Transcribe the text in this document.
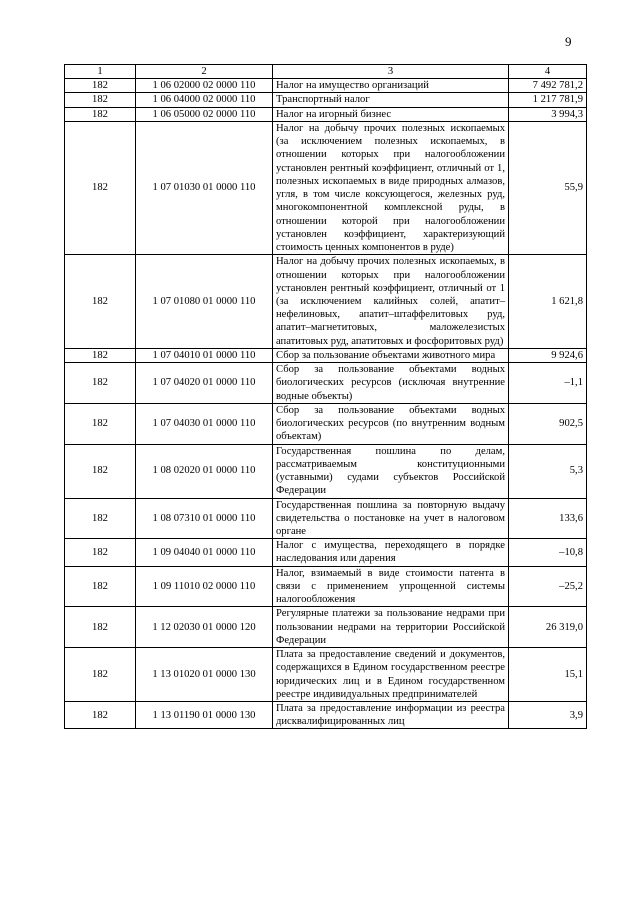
9
1	2	3	4
182	1 06 02000 02 0000 110	Налог на имущество организаций	7 492 781,2
182	1 06 04000 02 0000 110	Транспортный налог	1 217 781,9
182	1 06 05000 02 0000 110	Налог на игорный бизнес	3 994,3
182	1 07 01030 01 0000 110	Налог на добычу прочих полезных ископаемых (за исключением полезных ископаемых, в отношении которых при налогообложении установлен рентный коэффициент, отличный от 1, полезных ископаемых в виде природных алмазов, угля, в том числе коксующегося, железных руд, многокомпонентной комплексной руды, в отношении которой при налогообложении установлен коэффициент, характеризующий стоимость ценных компонентов в руде)	55,9
182	1 07 01080 01 0000 110	Налог на добычу прочих полезных ископаемых, в отношении которых при налогообложении установлен рентный коэффициент, отличный от 1 (за исключением калийных солей, апатит–нефелиновых, апатит–штаффелитовых руд, апатит–магнетитовых, маложелезистых апатитовых руд, апатитовых и фосфоритовых руд)	1 621,8
182	1 07 04010 01 0000 110	Сбор за пользование объектами животного мира	9 924,6
182	1 07 04020 01 0000 110	Сбор за пользование объектами водных биологических ресурсов (исключая внутренние водные объекты)	–1,1
182	1 07 04030 01 0000 110	Сбор за пользование объектами водных биологических ресурсов (по внутренним водным объектам)	902,5
182	1 08 02020 01 0000 110	Государственная пошлина по делам, рассматриваемым конституционными (уставными) судами субъектов Российской Федерации	5,3
182	1 08 07310 01 0000 110	Государственная пошлина за повторную выдачу свидетельства о постановке на учет в налоговом органе	133,6
182	1 09 04040 01 0000 110	Налог с имущества, переходящего в порядке наследования или дарения	–10,8
182	1 09 11010 02 0000 110	Налог, взимаемый в виде стоимости патента в связи с применением упрощенной системы налогообложения	–25,2
182	1 12 02030 01 0000 120	Регулярные платежи за пользование недрами при пользовании недрами на территории Российской Федерации	26 319,0
182	1 13 01020 01 0000 130	Плата за предоставление сведений и документов, содержащихся в Едином государственном реестре юридических лиц и в Едином государственном реестре индивидуальных предпринимателей	15,1
182	1 13 01190 01 0000 130	Плата за предоставление информации из реестра дисквалифицированных лиц	3,9
